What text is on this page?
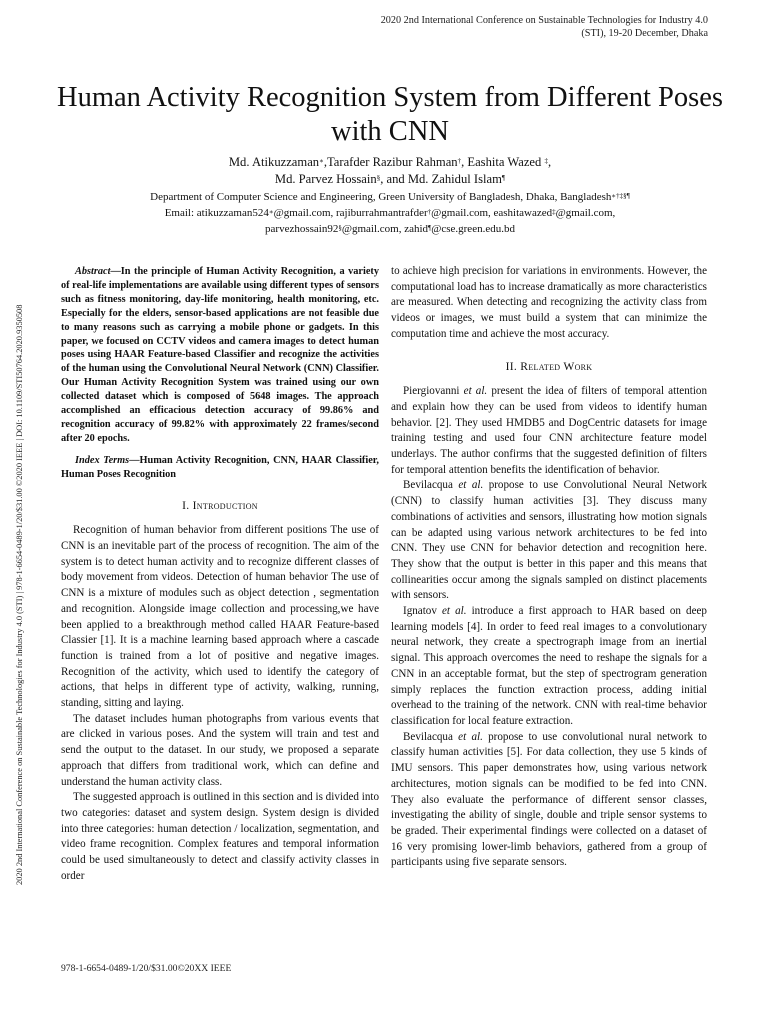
2020 2nd International Conference on Sustainable Technologies for Industry 4.0 (STI), 19-20 December, Dhaka
2020 2nd International Conference on Sustainable Technologies for Industry 4.0 (STI) | 978-1-6654-0489-1/20/$31.00 ©2020 IEEE | DOI: 10.1109/STI50764.2020.9350508
Human Activity Recognition System from Different Poses with CNN
Md. Atikuzzaman∗,Tarafder Razibur Rahman†, Eashita Wazed ‡,
Md. Parvez Hossain§, and Md. Zahidul Islam¶
Department of Computer Science and Engineering, Green University of Bangladesh, Dhaka, Bangladesh∗†‡§¶
Email: atikuzzaman524∗@gmail.com, rajiburrahmantrafder†@gmail.com, eashitawazed‡@gmail.com,
parvezhossain92§@gmail.com, zahid¶@cse.green.edu.bd

Abstract—In the principle of Human Activity Recognition, a variety of real-life implementations are available using different types of sensors such as fitness monitoring, day-life monitoring, health monitoring, etc. Especially for the elders, sensor-based applications are not feasible due to many reasons such as carrying a mobile phone or gadgets. In this paper, we focused on CCTV videos and camera images to detect human poses using HAAR Feature-based Classifier and recognize the activities of the human using the Convolutional Neural Network (CNN) Classifier. Our Human Activity Recognition System was trained using our own collected dataset which is composed of 5648 images. The approach accomplished an efficacious detection accuracy of 99.86% and recognition accuracy of 99.82% with approximately 22 frames/second after 20 epochs.

Index Terms—Human Activity Recognition, CNN, HAAR Classifier, Human Poses Recognition

I. Introduction

Recognition of human behavior from different positions The use of CNN is an inevitable part of the process of recognition. The aim of the system is to detect human activity and to recognize different classes of body movement from videos. Detection of human behavior The use of CNN is a mixture of modules such as object detection , segmentation and recognition. Alongside image collection and processing,we have been applied to a breakthrough method called HAAR Feature-based Classier [1]. It is a machine learning based approach where a cascade function is trained from a lot of positive and negative images. Recognition of the activity, which used to identify the category of actions, that helps in different type of activity, walking, running, standing, sitting and laying.

The dataset includes human photographs from various events that are clicked in various poses. And the system will train and test and send the output to the dataset. In our study, we proposed a separate approach that differs from traditional work, which can define and understand the human activity class.

The suggested approach is outlined in this section and is divided into two categories: dataset and system design. System design is divided into three categories: human detection / localization, segmentation, and video frame recognition. Complex features and temporal information could be used simultaneously to detect and classify activity classes in order

to achieve high precision for variations in environments. However, the computational load has to increase dramatically as more characteristics are measured. When detecting and recognizing the activity class from videos or images, we must build a system that can minimize the computation time and achieve the most accuracy.

II. Related Work

Piergiovanni et al. present the idea of filters of temporal attention and explain how they can be used from videos to identify human behavior. [2]. They used HMDB5 and DogCentric datasets for image training testing and used four CNN architecture feature model underlays. The author confirms that the suggested definition of filters for temporal attention benefits the identification of behavior.

Bevilacqua et al. propose to use Convolutional Neural Network (CNN) to classify human activities [3]. They discuss many combinations of activities and sensors, illustrating how motion signals can be adapted using various network architectures to be fed into CNN. They use CNN for behavior detection and recognition here. They show that the output is better in this paper and this means that collinearities occur among the signals sampled on distinct placements with sensors.

Ignatov et al. introduce a first approach to HAR based on deep learning models [4]. In order to feed real images to a convolutionary neural network, they create a spectrograph image from an inertial signal. This approach overcomes the need to reshape the signals for a CNN in an acceptable format, but the step of spectrogram generation simply replaces the function extraction process, adding initial overhead to the training of the network. CNN with real-time behavior classification for local feature extraction.

Bevilacqua et al. propose to use convolutional nural network to classify human activities [5]. For data collection, they use 5 kinds of IMU sensors. This paper demonstrates how, using various network architectures, motion signals can be modified to be fed into CNN. They also evaluate the performance of different sensor classes, investigating the ability of single, double and triple sensor systems to be graded. Their experimental findings were collected on a dataset of 16 very promising lower-limb behaviors, gathered from a group of participants using five separate sensors.

978-1-6654-0489-1/20/$31.00©20XX IEEE
